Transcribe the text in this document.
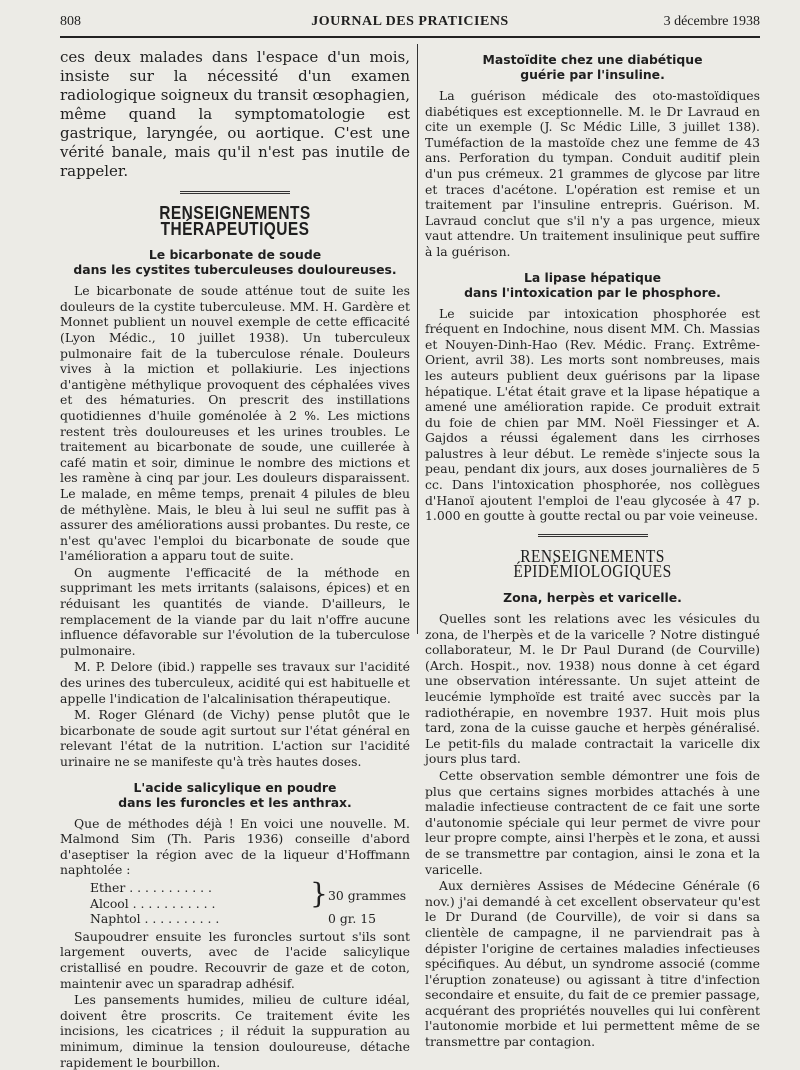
808	JOURNAL DES PRATICIENS	3 décembre 1938

ces deux malades dans l'espace d'un mois, insiste sur la nécessité d'un examen radiologique soigneux du transit œsophagien, même quand la symptomatologie est gastrique, laryngée, ou aortique. C'est une vérité banale, mais qu'il n'est pas inutile de rappeler.

RENSEIGNEMENTS THÉRAPEUTIQUES
Le bicarbonate de soude
dans les cystites tuberculeuses douloureuses.

Le bicarbonate de soude atténue tout de suite les douleurs de la cystite tuberculeuse. MM. H. Gardère et Monnet publient un nouvel exemple de cette efficacité (Lyon Médic., 10 juillet 1938). Un tuberculeux pulmonaire fait de la tuberculose rénale. Douleurs vives à la miction et pollakiurie. Les injections d'antigène méthylique provoquent des céphalées vives et des hématuries. On prescrit des instillations quotidiennes d'huile goménolée à 2 %. Les mictions restent très douloureuses et les urines troubles. Le traitement au bicarbonate de soude, une cuillerée à café matin et soir, diminue le nombre des mictions et les ramène à cinq par jour. Les douleurs disparaissent. Le malade, en même temps, prenait 4 pilules de bleu de méthylène. Mais, le bleu à lui seul ne suffit pas à assurer des améliorations aussi probantes. Du reste, ce n'est qu'avec l'emploi du bicarbonate de soude que l'amélioration a apparu tout de suite.

On augmente l'efficacité de la méthode en supprimant les mets irritants (salaisons, épices) et en réduisant les quantités de viande. D'ailleurs, le remplacement de la viande par du lait n'offre aucune influence défavorable sur l'évolution de la tuberculose pulmonaire.

M. P. Delore (ibid.) rappelle ses travaux sur l'acidité des urines des tuberculeux, acidité qui est habituelle et appelle l'indication de l'alcalinisation thérapeutique.

M. Roger Glénard (de Vichy) pense plutôt que le bicarbonate de soude agit surtout sur l'état général en relevant l'état de la nutrition. L'action sur l'acidité urinaire ne se manifeste qu'à très hautes doses.

L'acide salicylique en poudre
dans les furoncles et les anthrax.

Que de méthodes déjà ! En voici une nouvelle. M. Malmond Sim (Th. Paris 1936) conseille d'abord d'aseptiser la région avec de la liqueur d'Hoffmann naphtolée :

Ether . . . . . . . . . . .
Alcool . . . . . . . . . . .	} 30 grammes
Naphtol . . . . . . . . . .	0 gr. 15

Saupoudrer ensuite les furoncles surtout s'ils sont largement ouverts, avec de l'acide salicylique cristallisé en poudre. Recouvrir de gaze et de coton, maintenir avec un sparadrap adhésif.

Les pansements humides, milieu de culture idéal, doivent être proscrits. Ce traitement évite les incisions, les cicatrices ; il réduit la suppuration au minimum, diminue la tension douloureuse, détache rapidement le bourbillon.

Mastoïdite chez une diabétique
guérie par l'insuline.

La guérison médicale des oto-mastoïdiques diabétiques est exceptionnelle. M. le Dr Lavraud en cite un exemple (J. Sc Médic Lille, 3 juillet 138). Tuméfaction de la mastoïde chez une femme de 43 ans. Perforation du tympan. Conduit auditif plein d'un pus crémeux. 21 grammes de glycose par litre et traces d'acétone. L'opération est remise et un traitement par l'insuline entrepris. Guérison. M. Lavraud conclut que s'il n'y a pas urgence, mieux vaut attendre. Un traitement insulinique peut suffire à la guérison.

La lipase hépatique
dans l'intoxication par le phosphore.

Le suicide par intoxication phosphorée est fréquent en Indochine, nous disent MM. Ch. Massias et Nouyen-Dinh-Hao (Rev. Médic. Franç. Extrême-Orient, avril 38). Les morts sont nombreuses, mais les auteurs publient deux guérisons par la lipase hépatique. L'état était grave et la lipase hépatique a amené une amélioration rapide. Ce produit extrait du foie de chien par MM. Noël Fiessinger et A. Gajdos a réussi également dans les cirrhoses palustres à leur début. Le remède s'injecte sous la peau, pendant dix jours, aux doses journalières de 5 cc. Dans l'intoxication phosphorée, nos collègues d'Hanoï ajoutent l'emploi de l'eau glycosée à 47 p. 1.000 en goutte à goutte rectal ou par voie veineuse.

RENSEIGNEMENTS ÉPIDÉMIOLOGIQUES
Zona, herpès et varicelle.

Quelles sont les relations avec les vésicules du zona, de l'herpès et de la varicelle ? Notre distingué collaborateur, M. le Dr Paul Durand (de Courville) (Arch. Hospit., nov. 1938) nous donne à cet égard une observation intéressante. Un sujet atteint de leucémie lymphoïde est traité avec succès par la radiothérapie, en novembre 1937. Huit mois plus tard, zona de la cuisse gauche et herpès généralisé. Le petit-fils du malade contractait la varicelle dix jours plus tard.

Cette observation semble démontrer une fois de plus que certains signes morbides attachés à une maladie infectieuse contractent de ce fait une sorte d'autonomie spéciale qui leur permet de vivre pour leur propre compte, ainsi l'herpès et le zona, et aussi de se transmettre par contagion, ainsi le zona et la varicelle.

Aux dernières Assises de Médecine Générale (6 nov.) j'ai demandé à cet excellent observateur qu'est le Dr Durand (de Courville), de voir si dans sa clientèle de campagne, il ne parviendrait pas à dépister l'origine de certaines maladies infectieuses spécifiques. Au début, un syndrome associé (comme l'éruption zonateuse) ou agissant à titre d'infection secondaire et ensuite, du fait de ce premier passage, acquérant des propriétés nouvelles qui lui confèrent l'autonomie morbide et lui permettent même de se transmettre par contagion.
